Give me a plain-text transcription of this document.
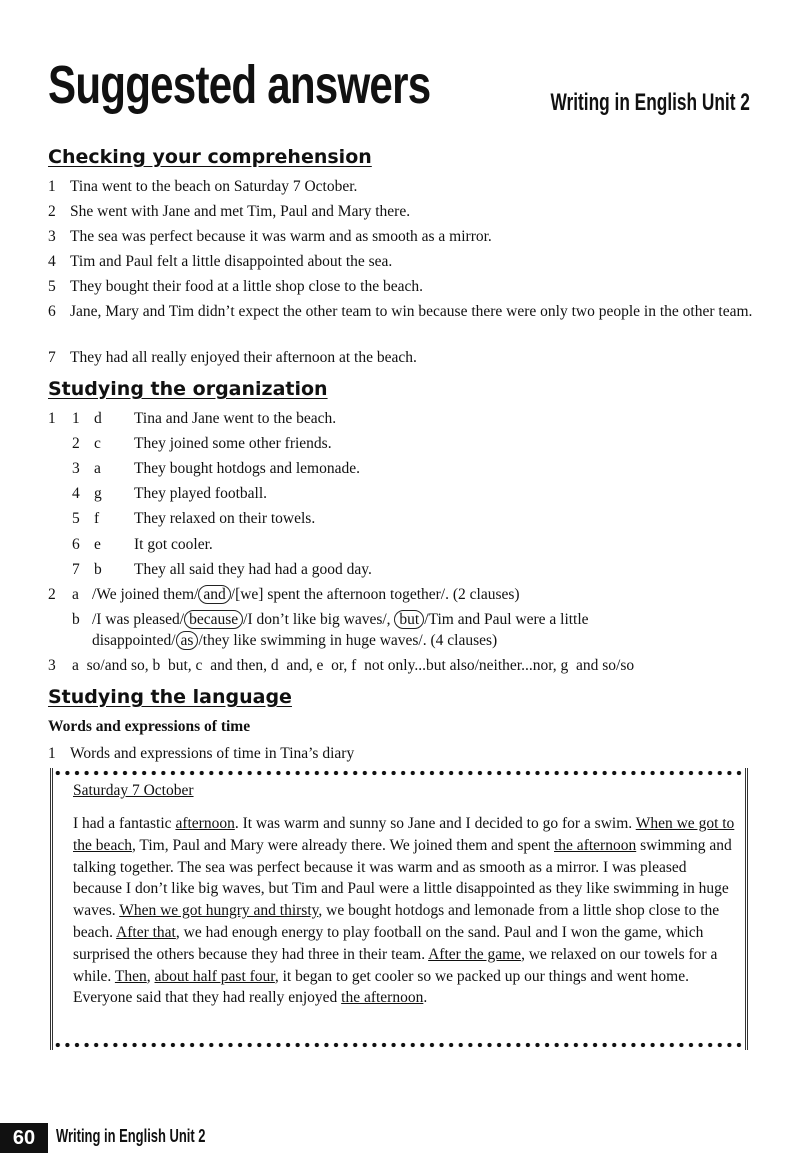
Suggested answers	Writing in English Unit 2
Checking your comprehension
1 Tina went to the beach on Saturday 7 October.
2 She went with Jane and met Tim, Paul and Mary there.
3 The sea was perfect because it was warm and as smooth as a mirror.
4 Tim and Paul felt a little disappointed about the sea.
5 They bought their food at a little shop close to the beach.
6 Jane, Mary and Tim didn’t expect the other team to win because there were only two people in the other team.
7 They had all really enjoyed their afternoon at the beach.
Studying the organization
1 1 d Tina and Jane went to the beach.
2 c They joined some other friends.
3 a They bought hotdogs and lemonade.
4 g They played football.
5 f They relaxed on their towels.
6 e It got cooler.
7 b They all said they had had a good day.
2 a /We joined them/ and /[we] spent the afternoon together/. (2 clauses)
b /I was pleased/ because /I don’t like big waves/, but /Tim and Paul were a little
disappointed/ as /they like swimming in huge waves/. (4 clauses)
3 a  so/and so, b  but, c  and then, d  and, e  or, f  not only...but also/neither...nor, g  and so/so
Studying the language
Words and expressions of time
1 Words and expressions of time in Tina’s diary
Saturday 7 October
I had a fantastic afternoon. It was warm and sunny so Jane and I decided to go for a swim. When we got to the beach, Tim, Paul and Mary were already there. We joined them and spent the afternoon swimming and talking together. The sea was perfect because it was warm and as smooth as a mirror. I was pleased because I don’t like big waves, but Tim and Paul were a little disappointed as they like swimming in huge waves. When we got hungry and thirsty, we bought hotdogs and lemonade from a little shop close to the beach. After that, we had enough energy to play football on the sand. Paul and I won the game, which surprised the others because they had three in their team. After the game, we relaxed on our towels for a while. Then, about half past four, it began to get cooler so we packed up our things and went home. Everyone said that they had really enjoyed the afternoon.
60	Writing in English Unit 2
